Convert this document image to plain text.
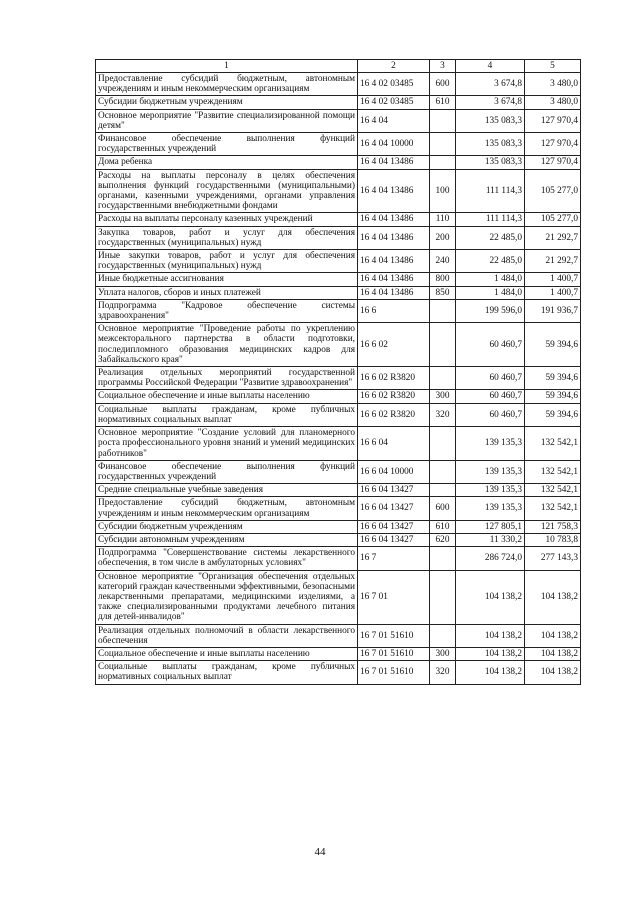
1	2	3	4	5
Предоставление субсидий бюджетным, автономным учреждениям и иным некоммерческим организациям	16 4 02 03485	600	3 674,8	3 480,0
Субсидии бюджетным учреждениям	16 4 02 03485	610	3 674,8	3 480,0
Основное мероприятие "Развитие специализированной помощи детям"	16 4 04		135 083,3	127 970,4
Финансовое обеспечение выполнения функций государственных учреждений	16 4 04 10000		135 083,3	127 970,4
Дома ребенка	16 4 04 13486		135 083,3	127 970,4
Расходы на выплаты персоналу в целях обеспечения выполнения функций государственными (муниципальными) органами, казенными учреждениями, органами управления государственными внебюджетными фондами	16 4 04 13486	100	111 114,3	105 277,0
Расходы на выплаты персоналу казенных учреждений	16 4 04 13486	110	111 114,3	105 277,0
Закупка товаров, работ и услуг для обеспечения государственных (муниципальных) нужд	16 4 04 13486	200	22 485,0	21 292,7
Иные закупки товаров, работ и услуг для обеспечения государственных (муниципальных) нужд	16 4 04 13486	240	22 485,0	21 292,7
Иные бюджетные ассигнования	16 4 04 13486	800	1 484,0	1 400,7
Уплата налогов, сборов и иных платежей	16 4 04 13486	850	1 484,0	1 400,7
Подпрограмма "Кадровое обеспечение системы здравоохранения"	16 6		199 596,0	191 936,7
Основное мероприятие "Проведение работы по укреплению межсекторального партнерства в области подготовки, последипломного образования медицинских кадров для Забайкальского края"	16 6 02		60 460,7	59 394,6
Реализация отдельных мероприятий государственной программы Российской Федерации "Развитие здравоохранения"	16 6 02 R3820		60 460,7	59 394,6
Социальное обеспечение и иные выплаты населению	16 6 02 R3820	300	60 460,7	59 394,6
Социальные выплаты гражданам, кроме публичных нормативных социальных выплат	16 6 02 R3820	320	60 460,7	59 394,6
Основное мероприятие "Создание условий для планомерного роста профессионального уровня знаний и умений медицинских работников"	16 6 04		139 135,3	132 542,1
Финансовое обеспечение выполнения функций государственных учреждений	16 6 04 10000		139 135,3	132 542,1
Средние специальные учебные заведения	16 6 04 13427		139 135,3	132 542,1
Предоставление субсидий бюджетным, автономным учреждениям и иным некоммерческим организациям	16 6 04 13427	600	139 135,3	132 542,1
Субсидии бюджетным учреждениям	16 6 04 13427	610	127 805,1	121 758,3
Субсидии автономным учреждениям	16 6 04 13427	620	11 330,2	10 783,8
Подпрограмма "Совершенствование системы лекарственного обеспечения, в том числе в амбулаторных условиях"	16 7		286 724,0	277 143,3
Основное мероприятие "Организация обеспечения отдельных категорий граждан качественными эффективными, безопасными лекарственными препаратами, медицинскими изделиями, а также специализированными продуктами лечебного питания для детей-инвалидов"	16 7 01		104 138,2	104 138,2
Реализация отдельных полномочий в области лекарственного обеспечения	16 7 01 51610		104 138,2	104 138,2
Социальное обеспечение и иные выплаты населению	16 7 01 51610	300	104 138,2	104 138,2
Социальные выплаты гражданам, кроме публичных нормативных социальных выплат	16 7 01 51610	320	104 138,2	104 138,2
44
